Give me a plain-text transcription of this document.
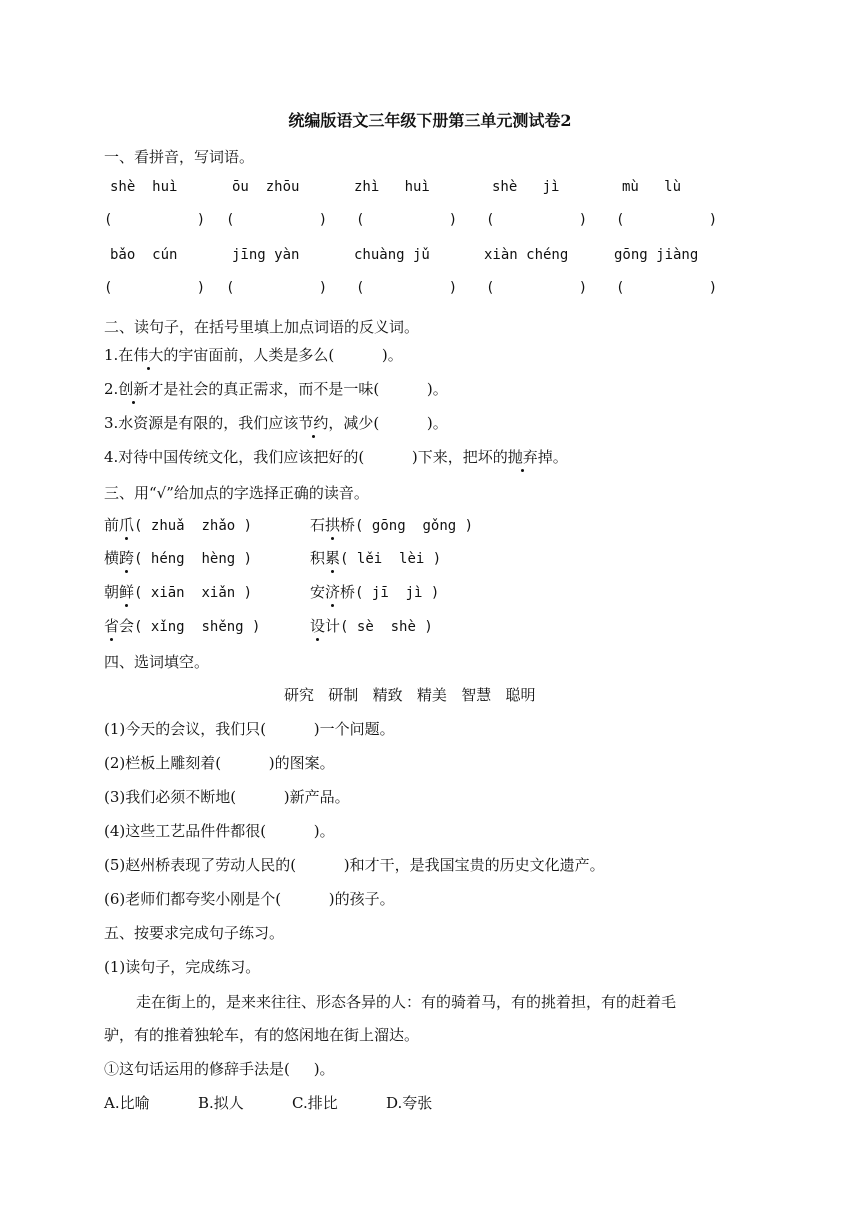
统编版语文三年级下册第三单元测试卷2
一、看拼音，写词语。
shè  huì	ōu  zhōu	zhì   huì	shè   jì	mù   lù
(          ) (          ) (          ) (          ) (          )
bǎo  cún	jīng yàn	chuàng jǔ	xiàn chéng	gōng jiàng
(          ) (          ) (          ) (          ) (          )
二、读句子，在括号里填上加点词语的反义词。
1.在伟大的宇宙面前，人类是多么(          )。
2.创新才是社会的真正需求，而不是一味(          )。
3.水资源是有限的，我们应该节约，减少(          )。
4.对待中国传统文化，我们应该把好的(          )下来，把坏的抛弃掉。
三、用“√”给加点的字选择正确的读音。
前爪( zhuǎ  zhǎo )	石拱桥( gōng  gǒng )
横跨( héng  hèng )	积累( lěi  lèi )
朝鲜( xiān  xiǎn )	安济桥( jī  jì )
省会( xǐng  shěng )	设计( sè  shè )
四、选词填空。
研究   研制   精致   精美   智慧   聪明
(1)今天的会议，我们只(          )一个问题。
(2)栏板上雕刻着(          )的图案。
(3)我们必须不断地(          )新产品。
(4)这些工艺品件件都很(          )。
(5)赵州桥表现了劳动人民的(          )和才干，是我国宝贵的历史文化遗产。
(6)老师们都夸奖小刚是个(          )的孩子。
五、按要求完成句子练习。
(1)读句子，完成练习。
走在街上的，是来来往往、形态各异的人：有的骑着马，有的挑着担，有的赶着毛
驴，有的推着独轮车，有的悠闲地在街上溜达。
①这句话运用的修辞手法是(     )。
A.比喻	B.拟人	C.排比	D.夸张
